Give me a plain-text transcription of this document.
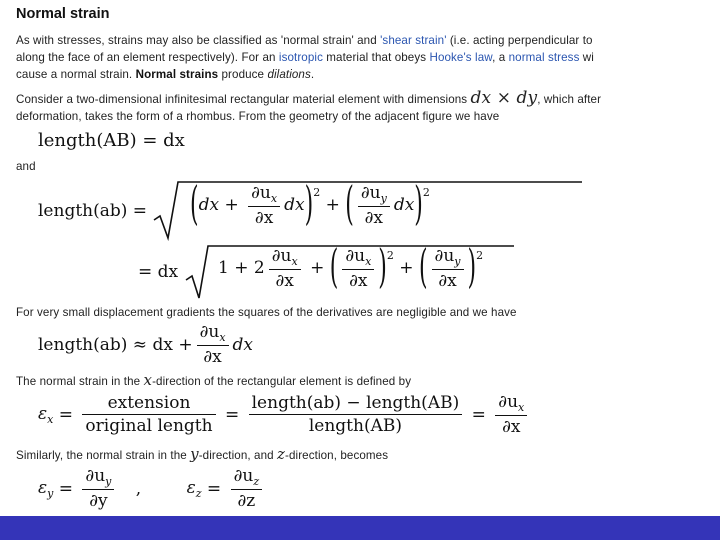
Normal strain
As with stresses, strains may also be classified as 'normal strain' and 'shear strain' (i.e. acting perpendicular to
along the face of an element respectively). For an isotropic material that obeys Hooke's law, a normal stress wi
cause a normal strain. Normal strains produce dilations.
Consider a two-dimensional infinitesimal rectangular material element with dimensions dx × dy, which after
deformation, takes the form of a rhombus. From the geometry of the adjacent figure we have
length(AB) = dx
and
length(ab) =	$(dx + \frac{\partial u_x}{\partial x} dx)^2$ + ( $\frac{\partial u_y}{\partial x} dx)^2$
= dx	$1 + 2 \frac{\partial u_x}{\partial x}$ + ( $\frac{\partial u_x}{\partial x} )^2$ + ( $\frac{\partial u_y}{\partial x} )^2$
For very small displacement gradients the squares of the derivatives are negligible and we have
length(ab) ≈ dx + $\frac{\partial u_x}{\partial x}$ dx
The normal strain in the x-direction of the rectangular element is defined by
$\varepsilon_x = \frac{\text{extension}}{\text{original length}} = \frac{\text{length(ab) − length(AB)}}{\text{length(AB)}} = \frac{\partial u_x}{\partial x}$
Similarly, the normal strain in the y-direction, and z-direction, becomes
$\varepsilon_y = \frac{\partial u_y}{\partial y}$ ,	$\varepsilon_z = \frac{\partial u_z}{\partial z}$
